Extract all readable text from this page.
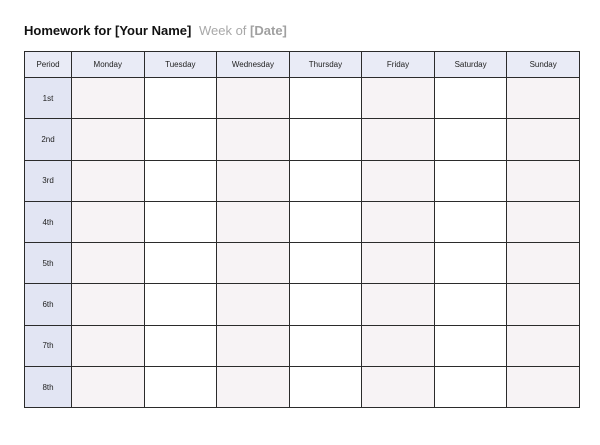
Homework for [Your Name] Week of [Date]
Period	Monday	Tuesday	Wednesday	Thursday	Friday	Saturday	Sunday
1st							
2nd							
3rd							
4th							
5th							
6th							
7th							
8th							
